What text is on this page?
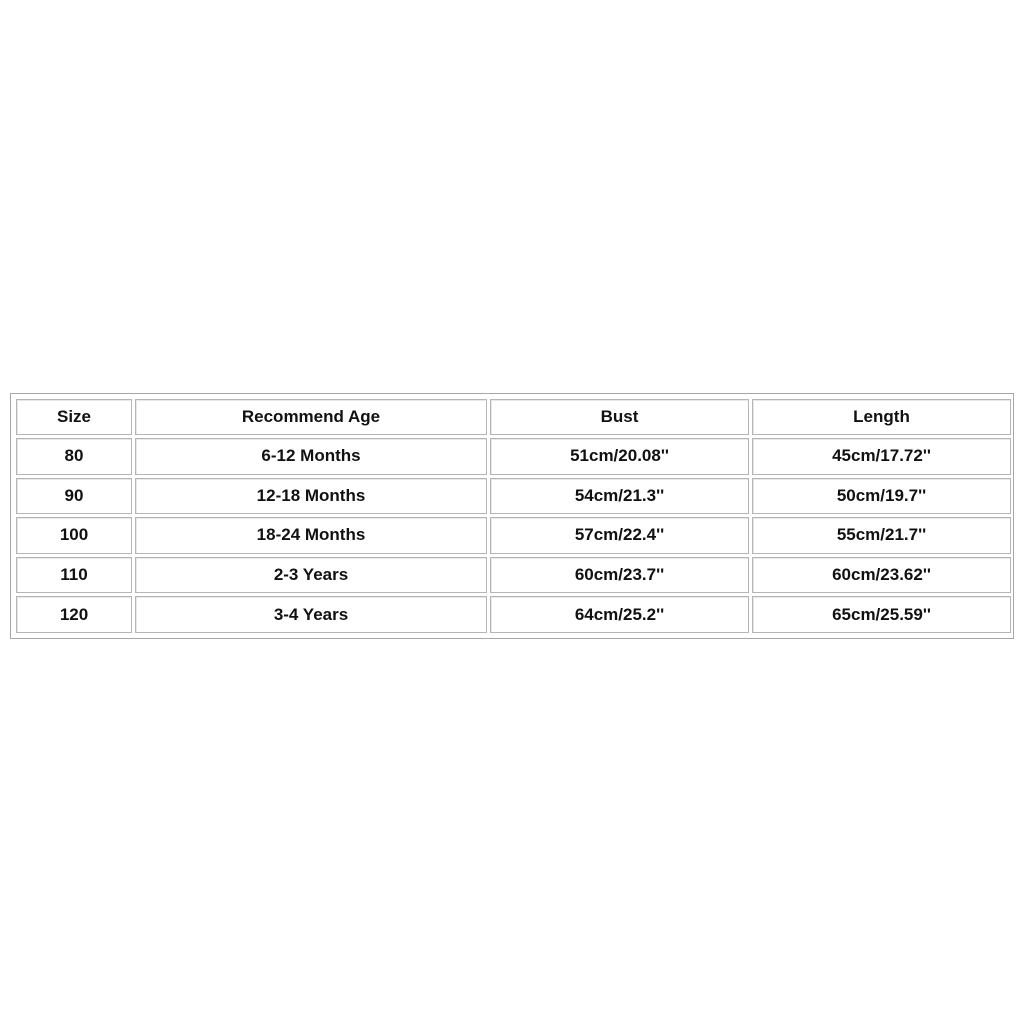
Size	Recommend Age	Bust	Length
80	6-12 Months	51cm/20.08''	45cm/17.72''
90	12-18 Months	54cm/21.3''	50cm/19.7''
100	18-24 Months	57cm/22.4''	55cm/21.7''
110	2-3 Years	60cm/23.7''	60cm/23.62''
120	3-4 Years	64cm/25.2''	65cm/25.59''
